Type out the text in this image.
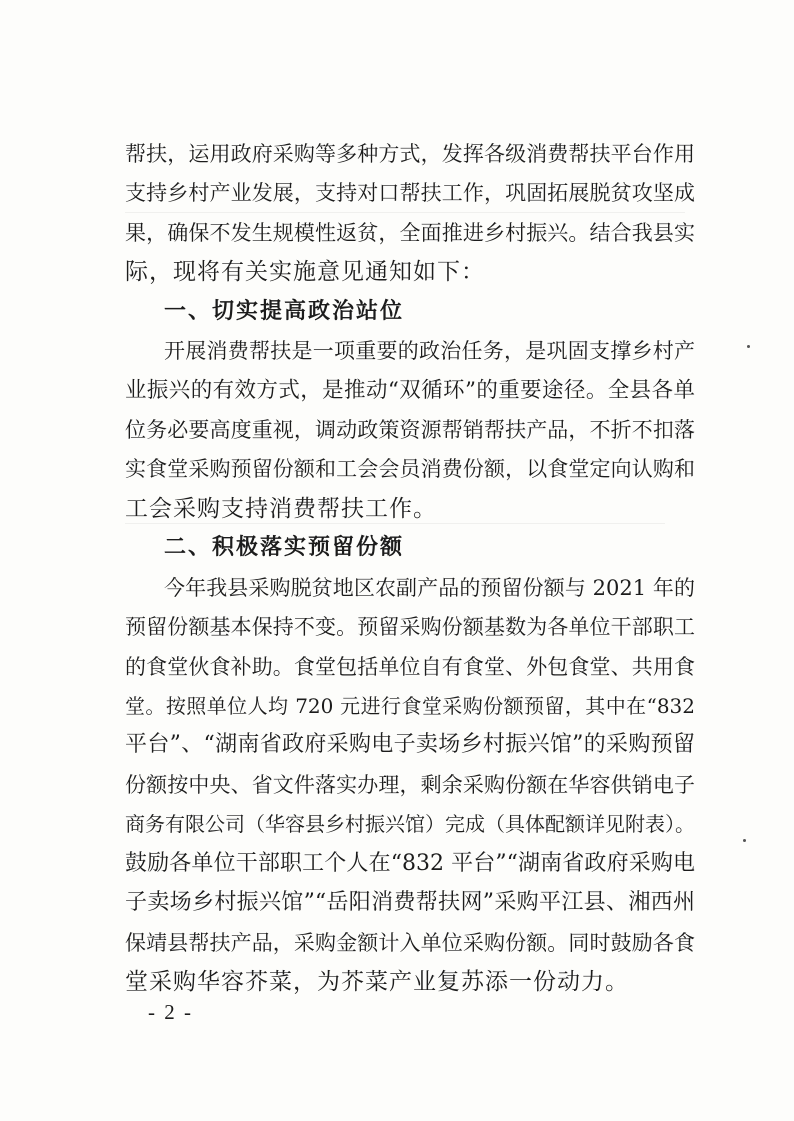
帮扶，运用政府采购等多种方式，发挥各级消费帮扶平台作用
支持乡村产业发展，支持对口帮扶工作，巩固拓展脱贫攻坚成
果，确保不发生规模性返贫，全面推进乡村振兴。结合我县实
际，现将有关实施意见通知如下：
一、切实提高政治站位
开展消费帮扶是一项重要的政治任务，是巩固支撑乡村产
业振兴的有效方式，是推动“双循环”的重要途径。全县各单
位务必要高度重视，调动政策资源帮销帮扶产品，不折不扣落
实食堂采购预留份额和工会会员消费份额，以食堂定向认购和
工会采购支持消费帮扶工作。
二、积极落实预留份额
今年我县采购脱贫地区农副产品的预留份额与 2021 年的
预留份额基本保持不变。预留采购份额基数为各单位干部职工
的食堂伙食补助。食堂包括单位自有食堂、外包食堂、共用食
堂。按照单位人均 720 元进行食堂采购份额预留，其中在“832
平台”、“湖南省政府采购电子卖场乡村振兴馆”的采购预留
份额按中央、省文件落实办理，剩余采购份额在华容供销电子
商务有限公司（华容县乡村振兴馆）完成（具体配额详见附表）。
鼓励各单位干部职工个人在“832 平台”“湖南省政府采购电
子卖场乡村振兴馆”“岳阳消费帮扶网”采购平江县、湘西州
保靖县帮扶产品，采购金额计入单位采购份额。同时鼓励各食
堂采购华容芥菜，为芥菜产业复苏添一份动力。
- 2 -
